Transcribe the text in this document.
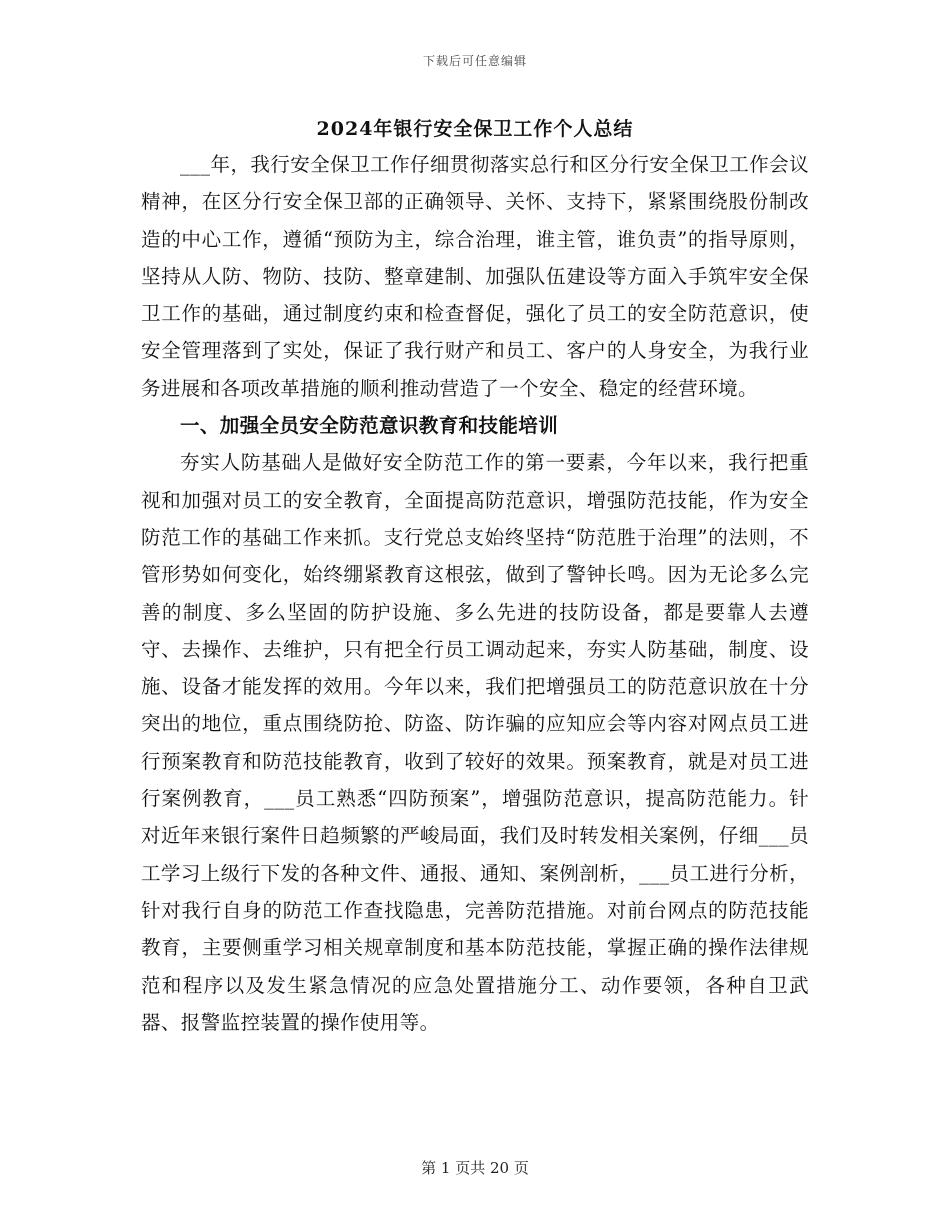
下载后可任意编辑
2024年银行安全保卫工作个人总结

___年，我行安全保卫工作仔细贯彻落实总行和区分行安全保卫工作会议精神，在区分行安全保卫部的正确领导、关怀、支持下，紧紧围绕股份制改造的中心工作，遵循“预防为主，综合治理，谁主管，谁负责”的指导原则，坚持从人防、物防、技防、整章建制、加强队伍建设等方面入手筑牢安全保卫工作的基础，通过制度约束和检查督促，强化了员工的安全防范意识，使安全管理落到了实处，保证了我行财产和员工、客户的人身安全，为我行业务进展和各项改革措施的顺利推动营造了一个安全、稳定的经营环境。

一、加强全员安全防范意识教育和技能培训

夯实人防基础人是做好安全防范工作的第一要素，今年以来，我行把重视和加强对员工的安全教育，全面提高防范意识，增强防范技能，作为安全防范工作的基础工作来抓。支行党总支始终坚持“防范胜于治理”的法则，不管形势如何变化，始终绷紧教育这根弦，做到了警钟长鸣。因为无论多么完善的制度、多么坚固的防护设施、多么先进的技防设备，都是要靠人去遵守、去操作、去维护，只有把全行员工调动起来，夯实人防基础，制度、设施、设备才能发挥的效用。今年以来，我们把增强员工的防范意识放在十分突出的地位，重点围绕防抢、防盗、防诈骗的应知应会等内容对网点员工进行预案教育和防范技能教育，收到了较好的效果。预案教育，就是对员工进行案例教育，___员工熟悉“四防预案”，增强防范意识，提高防范能力。针对近年来银行案件日趋频繁的严峻局面，我们及时转发相关案例，仔细___员工学习上级行下发的各种文件、通报、通知、案例剖析，___员工进行分析，针对我行自身的防范工作查找隐患，完善防范措施。对前台网点的防范技能教育，主要侧重学习相关规章制度和基本防范技能，掌握正确的操作法律规范和程序以及发生紧急情况的应急处置措施分工、动作要领，各种自卫武器、报警监控装置的操作使用等。

第 1 页共 20 页
